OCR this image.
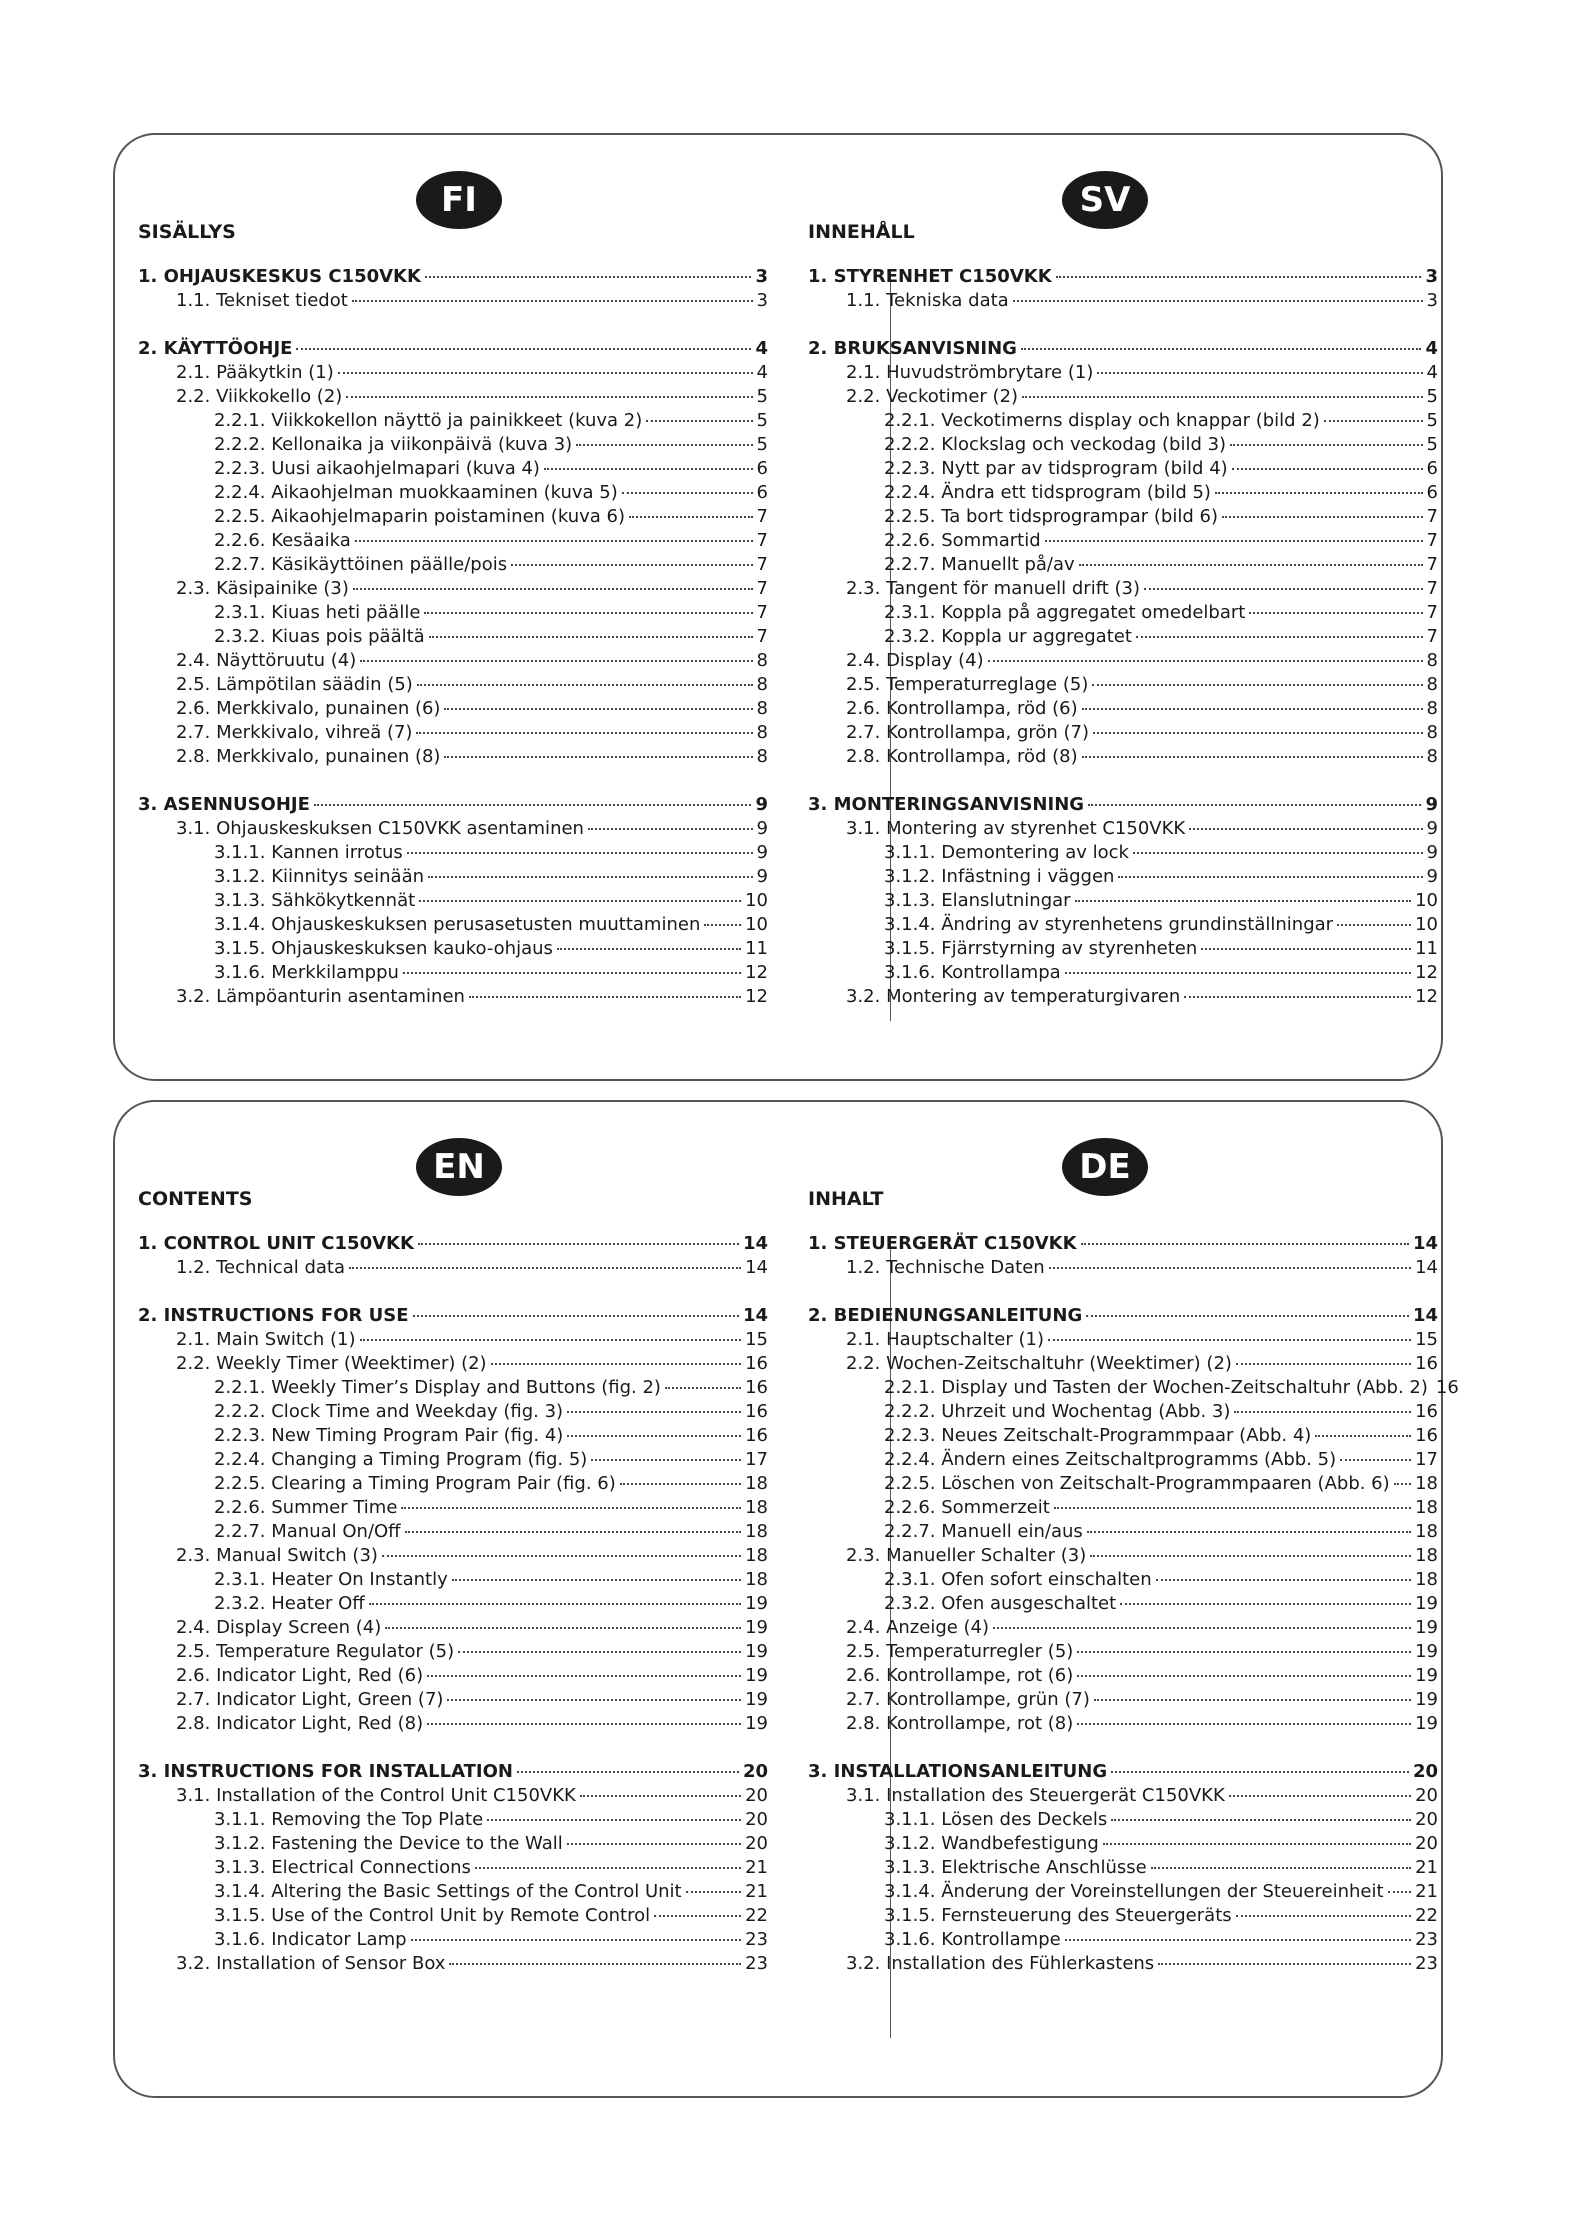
FI
SISÄLLYS
1. OHJAUSKESKUS C150VKK	3
1.1. Tekniset tiedot	3
2. KÄYTTÖOHJE	4
2.1. Pääkytkin (1)	4
2.2. Viikkokello (2)	5
2.2.1. Viikkokellon näyttö ja painikkeet (kuva 2)	5
2.2.2. Kellonaika ja viikonpäivä (kuva 3)	5
2.2.3. Uusi aikaohjelmapari (kuva 4)	6
2.2.4. Aikaohjelman muokkaaminen (kuva 5)	6
2.2.5. Aikaohjelmaparin poistaminen (kuva 6)	7
2.2.6. Kesäaika	7
2.2.7. Käsikäyttöinen päälle/pois	7
2.3. Käsipainike (3)	7
2.3.1. Kiuas heti päälle	7
2.3.2. Kiuas pois päältä	7
2.4. Näyttöruutu (4)	8
2.5. Lämpötilan säädin (5)	8
2.6. Merkkivalo, punainen (6)	8
2.7. Merkkivalo, vihreä (7)	8
2.8. Merkkivalo, punainen (8)	8
3. ASENNUSOHJE	9
3.1. Ohjauskeskuksen C150VKK asentaminen	9
3.1.1. Kannen irrotus	9
3.1.2. Kiinnitys seinään	9
3.1.3. Sähkökytkennät	10
3.1.4. Ohjauskeskuksen perusasetusten muuttaminen 10
3.1.5. Ohjauskeskuksen kauko-ohjaus	11
3.1.6. Merkkilamppu	12
3.2. Lämpöanturin asentaminen	12
SV
INNEHÅLL
1. STYRENHET C150VKK	3
1.1. Tekniska data	3
2. BRUKSANVISNING	4
2.1. Huvudströmbrytare (1)	4
2.2. Veckotimer (2)	5
2.2.1. Veckotimerns display och knappar (bild 2)	5
2.2.2. Klockslag och veckodag (bild 3)	5
2.2.3. Nytt par av tidsprogram (bild 4)	6
2.2.4. Ändra ett tidsprogram (bild 5)	6
2.2.5. Ta bort tidsprogrampar (bild 6)	7
2.2.6. Sommartid	7
2.2.7. Manuellt på/av	7
2.3. Tangent för manuell drift (3)	7
2.3.1. Koppla på aggregatet omedelbart	7
2.3.2. Koppla ur aggregatet	7
2.4. Display (4)	8
2.5. Temperaturreglage (5)	8
2.6. Kontrollampa, röd (6)	8
2.7. Kontrollampa, grön (7)	8
2.8. Kontrollampa, röd (8)	8
3. MONTERINGSANVISNING	9
3.1. Montering av styrenhet C150VKK	9
3.1.1. Demontering av lock	9
3.1.2. Infästning i väggen	9
3.1.3. Elanslutningar	10
3.1.4. Ändring av styrenhetens grundinställningar	10
3.1.5. Fjärrstyrning av styrenheten	11
3.1.6. Kontrollampa	12
3.2. Montering av temperaturgivaren	12
EN
CONTENTS
1. CONTROL UNIT C150VKK	14
1.2. Technical data	14
2. INSTRUCTIONS FOR USE	14
2.1. Main Switch (1)	15
2.2. Weekly Timer (Weektimer) (2)	16
2.2.1. Weekly Timer’s Display and Buttons (fig. 2)	16
2.2.2. Clock Time and Weekday (fig. 3)	16
2.2.3. New Timing Program Pair (fig. 4)	16
2.2.4. Changing a Timing Program (fig. 5)	17
2.2.5. Clearing a Timing Program Pair (fig. 6)	18
2.2.6. Summer Time	18
2.2.7. Manual On/Off	18
2.3. Manual Switch (3)	18
2.3.1. Heater On Instantly	18
2.3.2. Heater Off	19
2.4. Display Screen (4)	19
2.5. Temperature Regulator (5)	19
2.6. Indicator Light, Red (6)	19
2.7. Indicator Light, Green (7)	19
2.8. Indicator Light, Red (8)	19
3. INSTRUCTIONS FOR INSTALLATION	20
3.1. Installation of the Control Unit C150VKK	20
3.1.1. Removing the Top Plate	20
3.1.2. Fastening the Device to the Wall	20
3.1.3. Electrical Connections	21
3.1.4. Altering the Basic Settings of the Control Unit	21
3.1.5. Use of the Control Unit by Remote Control	22
3.1.6. Indicator Lamp	23
3.2. Installation of Sensor Box	23
DE
INHALT
1. STEUERGERÄT C150VKK	14
1.2. Technische Daten	14
2. BEDIENUNGSANLEITUNG	14
2.1. Hauptschalter (1)	15
2.2. Wochen-Zeitschaltuhr (Weektimer) (2)	16
2.2.1. Display und Tasten der Wochen-Zeitschaltuhr (Abb. 2) 16
2.2.2. Uhrzeit und Wochentag (Abb. 3)	16
2.2.3. Neues Zeitschalt-Programmpaar (Abb. 4)	16
2.2.4. Ändern eines Zeitschaltprogramms (Abb. 5)	17
2.2.5. Löschen von Zeitschalt-Programmpaaren (Abb. 6) 18
2.2.6. Sommerzeit	18
2.2.7. Manuell ein/aus	18
2.3. Manueller Schalter (3)	18
2.3.1. Ofen sofort einschalten	18
2.3.2. Ofen ausgeschaltet	19
2.4. Anzeige (4)	19
2.5. Temperaturregler (5)	19
2.6. Kontrollampe, rot (6)	19
2.7. Kontrollampe, grün (7)	19
2.8. Kontrollampe, rot (8)	19
3. INSTALLATIONSANLEITUNG	20
3.1. Installation des Steuergerät C150VKK	20
3.1.1. Lösen des Deckels	20
3.1.2. Wandbefestigung	20
3.1.3. Elektrische Anschlüsse	21
3.1.4. Änderung der Voreinstellungen der Steuereinheit 21
3.1.5. Fernsteuerung des Steuergeräts	22
3.1.6. Kontrollampe	23
3.2. Installation des Fühlerkastens	23
